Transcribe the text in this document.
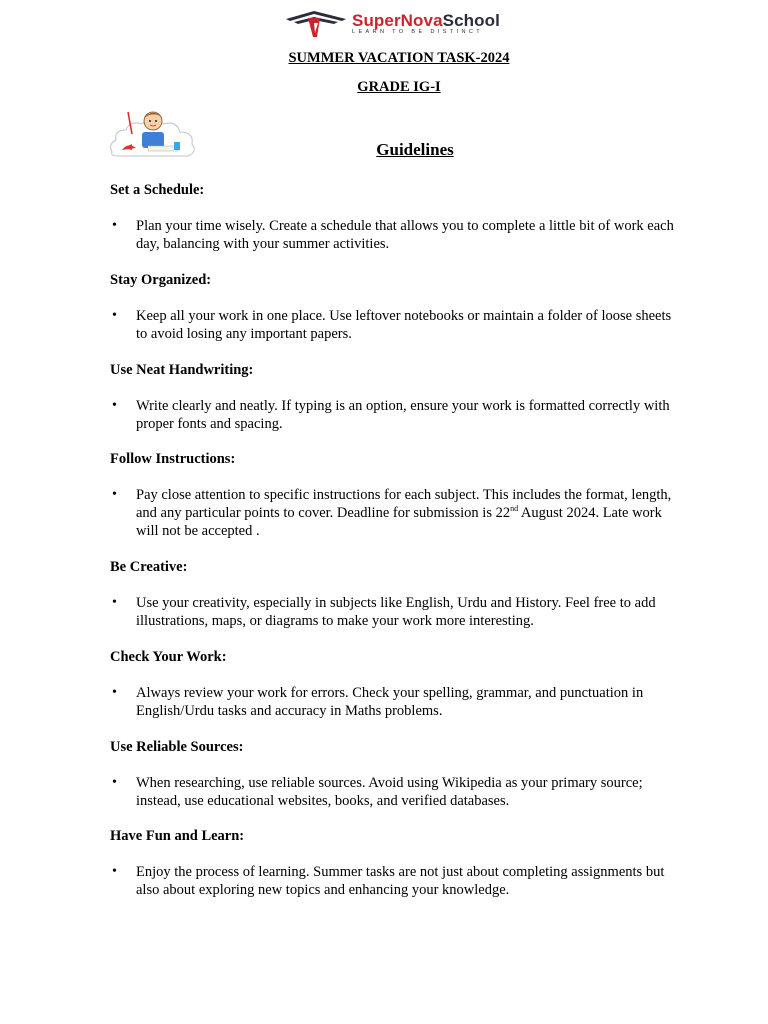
SuperNovaSchool
LEARN TO BE DISTINCT
SUMMER VACATION TASK-2024
GRADE IG-I
Guidelines

Set a Schedule:

• Plan your time wisely. Create a schedule that allows you to complete a little bit of work each day, balancing with your summer activities.

Stay Organized:

• Keep all your work in one place. Use leftover notebooks or maintain a folder of loose sheets to avoid losing any important papers.

Use Neat Handwriting:

• Write clearly and neatly. If typing is an option, ensure your work is formatted correctly with proper fonts and spacing.

Follow Instructions:

• Pay close attention to specific instructions for each subject. This includes the format, length, and any particular points to cover. Deadline for submission is 22nd August 2024. Late work will not be accepted .

Be Creative:

• Use your creativity, especially in subjects like English, Urdu and History. Feel free to add illustrations, maps, or diagrams to make your work more interesting.

Check Your Work:

• Always review your work for errors. Check your spelling, grammar, and punctuation in English/Urdu tasks and accuracy in Maths problems.

Use Reliable Sources:

• When researching, use reliable sources. Avoid using Wikipedia as your primary source; instead, use educational websites, books, and verified databases.

Have Fun and Learn:

• Enjoy the process of learning. Summer tasks are not just about completing assignments but also about exploring new topics and enhancing your knowledge.
